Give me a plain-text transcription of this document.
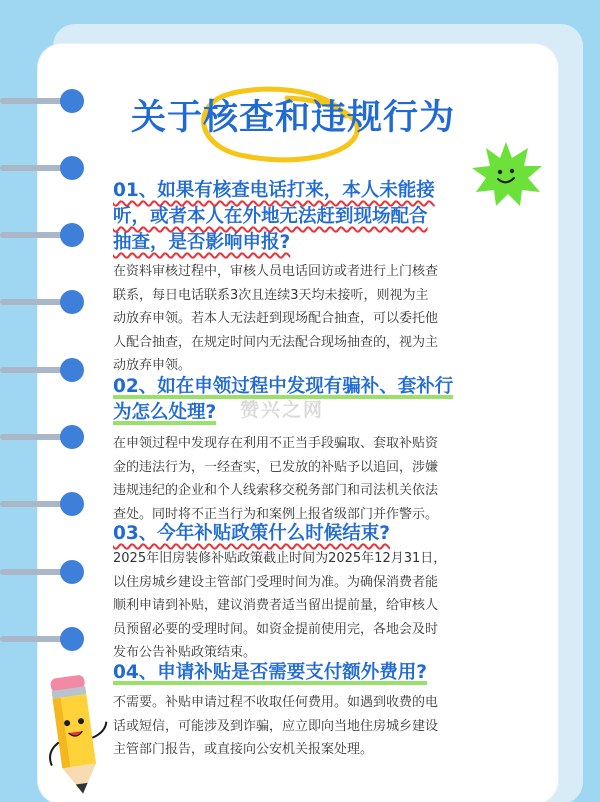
关于核查和违规行为

01、如果有核查电话打来，本人未能接
听，或者本人在外地无法赶到现场配合
抽查，是否影响申报?

在资料审核过程中，审核人员电话回访或者进行上门核查
联系，每日电话联系3次且连续3天均未接听，则视为主
动放弃申领。若本人无法赶到现场配合抽查，可以委托他
人配合抽查，在规定时间内无法配合现场抽查的，视为主
动放弃申领。

02、如在申领过程中发现有骗补、套补行
为怎么处理?

在申领过程中发现存在利用不正当手段骗取、套取补贴资
金的违法行为，一经查实，已发放的补贴予以追回，涉嫌
违规违纪的企业和个人线索移交税务部门和司法机关依法
查处。同时将不正当行为和案例上报省级部门并作警示。

03、今年补贴政策什么时候结束?

2025年旧房装修补贴政策截止时间为2025年12月31日，
以住房城乡建设主管部门受理时间为准。为确保消费者能
顺利申请到补贴，建议消费者适当留出提前量，给审核人
员预留必要的受理时间。如资金提前使用完，各地会及时
发布公告补贴政策结束。

04、申请补贴是否需要支付额外费用?

不需要。补贴申请过程不收取任何费用。如遇到收费的电
话或短信，可能涉及到诈骗，应立即向当地住房城乡建设
主管部门报告，或直接向公安机关报案处理。

赞兴之网
